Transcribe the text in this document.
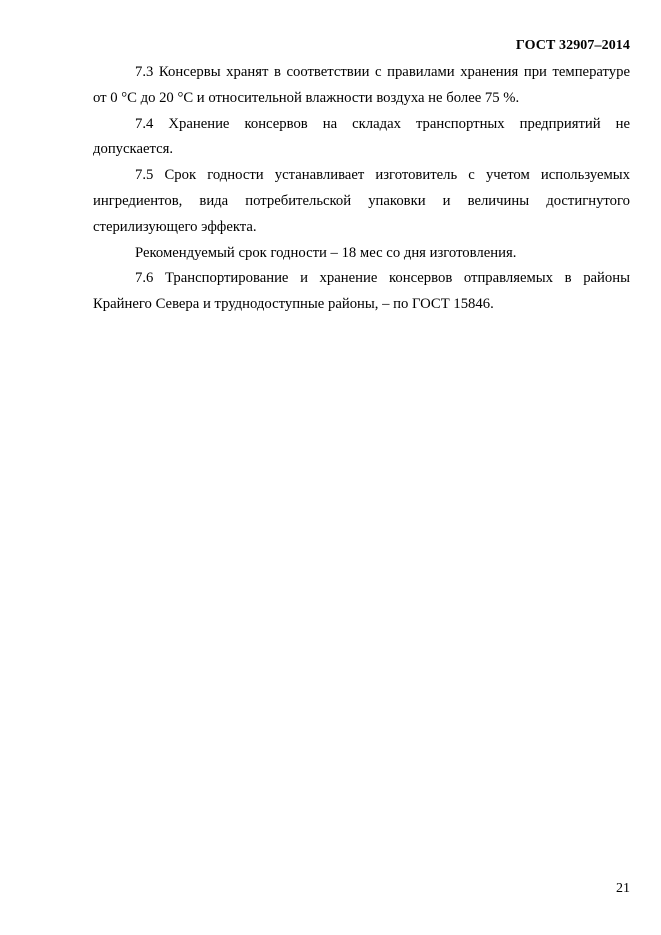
ГОСТ 32907–2014

7.3 Консервы хранят в соответствии с правилами хранения при температуре от 0 °С до 20 °С и относительной влажности воздуха не более 75 %.

7.4 Хранение консервов на складах транспортных предприятий не допускается.

7.5 Срок годности устанавливает изготовитель с учетом используемых ингредиентов, вида потребительской упаковки и величины достигнутого стерилизующего эффекта.

Рекомендуемый срок годности – 18 мес со дня изготовления.

7.6 Транспортирование и хранение консервов отправляемых в районы Крайнего Севера и труднодоступные районы, – по ГОСТ 15846.

21
